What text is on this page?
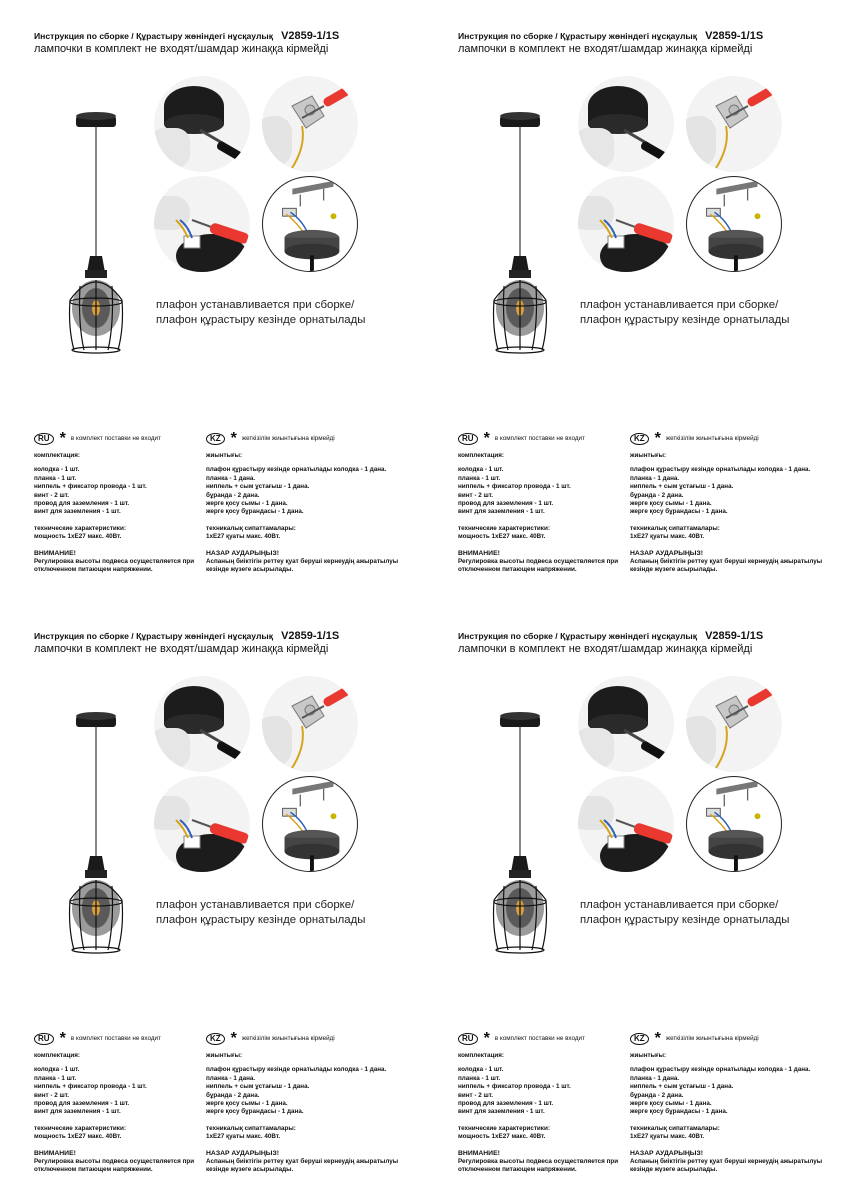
Инструкция по сборке / Құрастыру жөніндегі нұсқаулық V2859-1/1S
лампочки в комплект не входят/шамдар жинаққа кірмейді
плафон устанавливается при сборке/
плафон құрастыру кезінде орнатылады
RU * в комплект поставки не входит
комплектация:
колодка - 1 шт.
планка - 1 шт.
ниппель + фиксатор провода - 1 шт.
винт - 2 шт.
провод для заземления - 1 шт.
винт для заземления - 1 шт.
технические характеристики:
мощность 1хE27 макс. 40Вт.
ВНИМАНИЕ!
Регулировка высоты подвеса осуществляется при отключенном питающем напряжении.
KZ * жеткізілім жиынтығына кірмейді
жиынтығы:
плафон құрастыру кезінде орнатылады колодка - 1 дана.
планка - 1 дана.
ниппель + сым ұстағыш - 1 дана.
бұранда - 2 дана.
жерге қосу сымы - 1 дана.
жерге қосу бұрандасы - 1 дана.
техникалық сипаттамалары:
1хE27 қуаты макс. 40Вт.
НАЗАР АУДАРЫҢЫЗ!
Аспаның биіктігін реттеу қуат беруші кернеудің ажыратылуы кезінде жүзеге асырылады.
Инструкция по сборке / Құрастыру жөніндегі нұсқаулық V2859-1/1S
лампочки в комплект не входят/шамдар жинаққа кірмейді
плафон устанавливается при сборке/
плафон құрастыру кезінде орнатылады
RU * в комплект поставки не входит
комплектация:
колодка - 1 шт.
планка - 1 шт.
ниппель + фиксатор провода - 1 шт.
винт - 2 шт.
провод для заземления - 1 шт.
винт для заземления - 1 шт.
технические характеристики:
мощность 1хE27 макс. 40Вт.
ВНИМАНИЕ!
Регулировка высоты подвеса осуществляется при отключенном питающем напряжении.
KZ * жеткізілім жиынтығына кірмейді
жиынтығы:
плафон құрастыру кезінде орнатылады колодка - 1 дана.
планка - 1 дана.
ниппель + сым ұстағыш - 1 дана.
бұранда - 2 дана.
жерге қосу сымы - 1 дана.
жерге қосу бұрандасы - 1 дана.
техникалық сипаттамалары:
1хE27 қуаты макс. 40Вт.
НАЗАР АУДАРЫҢЫЗ!
Аспаның биіктігін реттеу қуат беруші кернеудің ажыратылуы кезінде жүзеге асырылады.
Инструкция по сборке / Құрастыру жөніндегі нұсқаулық V2859-1/1S
лампочки в комплект не входят/шамдар жинаққа кірмейді
плафон устанавливается при сборке/
плафон құрастыру кезінде орнатылады
RU * в комплект поставки не входит
комплектация:
колодка - 1 шт.
планка - 1 шт.
ниппель + фиксатор провода - 1 шт.
винт - 2 шт.
провод для заземления - 1 шт.
винт для заземления - 1 шт.
технические характеристики:
мощность 1хE27 макс. 40Вт.
ВНИМАНИЕ!
Регулировка высоты подвеса осуществляется при отключенном питающем напряжении.
KZ * жеткізілім жиынтығына кірмейді
жиынтығы:
плафон құрастыру кезінде орнатылады колодка - 1 дана.
планка - 1 дана.
ниппель + сым ұстағыш - 1 дана.
бұранда - 2 дана.
жерге қосу сымы - 1 дана.
жерге қосу бұрандасы - 1 дана.
техникалық сипаттамалары:
1хE27 қуаты макс. 40Вт.
НАЗАР АУДАРЫҢЫЗ!
Аспаның биіктігін реттеу қуат беруші кернеудің ажыратылуы кезінде жүзеге асырылады.
Инструкция по сборке / Құрастыру жөніндегі нұсқаулық V2859-1/1S
лампочки в комплект не входят/шамдар жинаққа кірмейді
плафон устанавливается при сборке/
плафон құрастыру кезінде орнатылады
RU * в комплект поставки не входит
комплектация:
колодка - 1 шт.
планка - 1 шт.
ниппель + фиксатор провода - 1 шт.
винт - 2 шт.
провод для заземления - 1 шт.
винт для заземления - 1 шт.
технические характеристики:
мощность 1хE27 макс. 40Вт.
ВНИМАНИЕ!
Регулировка высоты подвеса осуществляется при отключенном питающем напряжении.
KZ * жеткізілім жиынтығына кірмейді
жиынтығы:
плафон құрастыру кезінде орнатылады колодка - 1 дана.
планка - 1 дана.
ниппель + сым ұстағыш - 1 дана.
бұранда - 2 дана.
жерге қосу сымы - 1 дана.
жерге қосу бұрандасы - 1 дана.
техникалық сипаттамалары:
1хE27 қуаты макс. 40Вт.
НАЗАР АУДАРЫҢЫЗ!
Аспаның биіктігін реттеу қуат беруші кернеудің ажыратылуы кезінде жүзеге асырылады.
